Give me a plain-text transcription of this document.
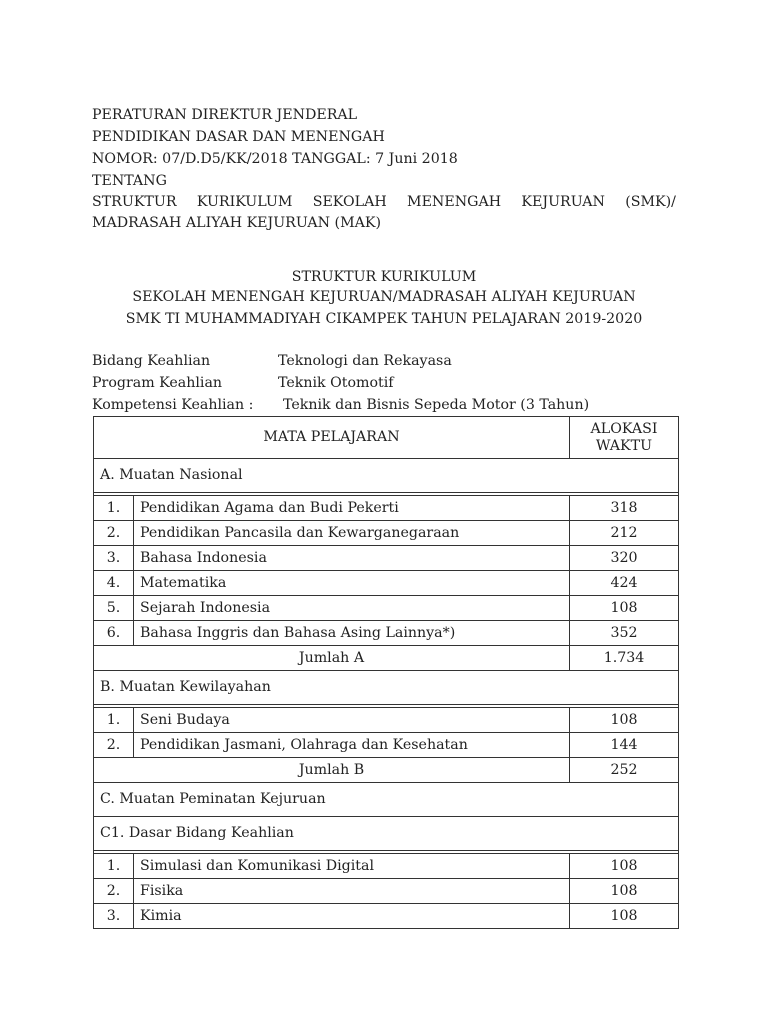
PERATURAN DIREKTUR JENDERAL
PENDIDIKAN DASAR DAN MENENGAH
NOMOR: 07/D.D5/KK/2018 TANGGAL: 7 Juni 2018
TENTANG
STRUKTUR KURIKULUM SEKOLAH MENENGAH KEJURUAN (SMK)/
MADRASAH ALIYAH KEJURUAN (MAK)
STRUKTUR KURIKULUM
SEKOLAH MENENGAH KEJURUAN/MADRASAH ALIYAH KEJURUAN
SMK TI MUHAMMADIYAH CIKAMPEK TAHUN PELAJARAN 2019-2020
Bidang Keahlian	Teknologi dan Rekayasa
Program Keahlian	Teknik Otomotif
Kompetensi Keahlian : Teknik dan Bisnis Sepeda Motor (3 Tahun)
MATA PELAJARAN		ALOKASI
WAKTU

A. Muatan Nasional		

1.	Pendidikan Agama dan Budi Pekerti	318
2.	Pendidikan Pancasila dan Kewarganegaraan	212
3.	Bahasa Indonesia	320
4.	Matematika	424
5.	Sejarah Indonesia	108
6.	Bahasa Inggris dan Bahasa Asing Lainnya*)	352
Jumlah A		1.734
B. Muatan Kewilayahan		

1.	Seni Budaya	108
2.	Pendidikan Jasmani, Olahraga dan Kesehatan	144
Jumlah B		252
C. Muatan Peminatan Kejuruan		
C1. Dasar Bidang Keahlian		

1.	Simulasi dan Komunikasi Digital	108
2.	Fisika	108
3.	Kimia	108
